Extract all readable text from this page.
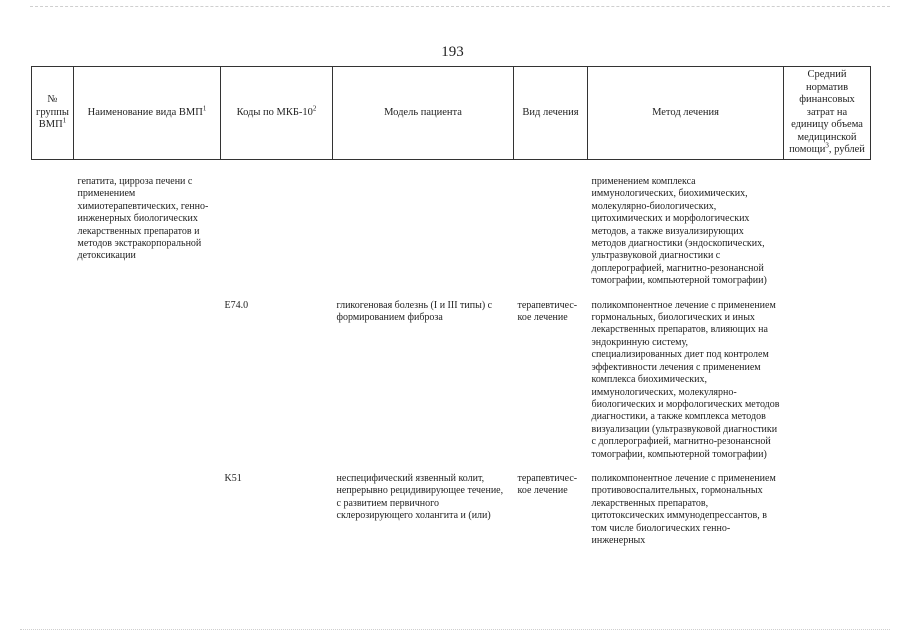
193
№ группы ВМП$^1$	Наименование вида ВМП$^1$	Коды по МКБ-$10^2$	Модель пациента	Вид лечения	Метод лечения	Средний норматив финансовых затрат на единицу объема медицинской помощи$^3$, рублей
	гепатита, цирроза печени с применением химиотерапевтических, генно-инженерных биологических лекарственных препаратов и методов экстракорпоральной детоксикации				применением комплекса иммунологических, биохимических, молекулярно-биологических, цитохимических и морфологических методов, а также визуализирующих методов диагностики (эндоскопических, ультразвуковой диагностики с доплерографией, магнитно-резонансной томографии, компьютерной томографии)	
		E74.0	гликогеновая болезнь (I и III типы) с формированием фиброза	терапевтичес-кое лечение	поликомпонентное лечение с применением гормональных, биологических и иных лекарственных препаратов, влияющих на эндокринную систему, специализированных диет под контролем эффективности лечения с применением комплекса биохимических, иммунологических, молекулярно-биологических и морфологических методов диагностики, а также комплекса методов визуализации (ультразвуковой диагностики с доплерографией, магнитно-резонансной томографии, компьютерной томографии)	
		K51	неспецифический язвенный колит, непрерывно рецидивирующее течение, с развитием первичного склерозирующего холангита и (или)	терапевтичес-кое лечение	поликомпонентное лечение с применением противовоспалительных, гормональных лекарственных препаратов, цитотоксических иммунодепрессантов, в том числе биологических генно-инженерных	
